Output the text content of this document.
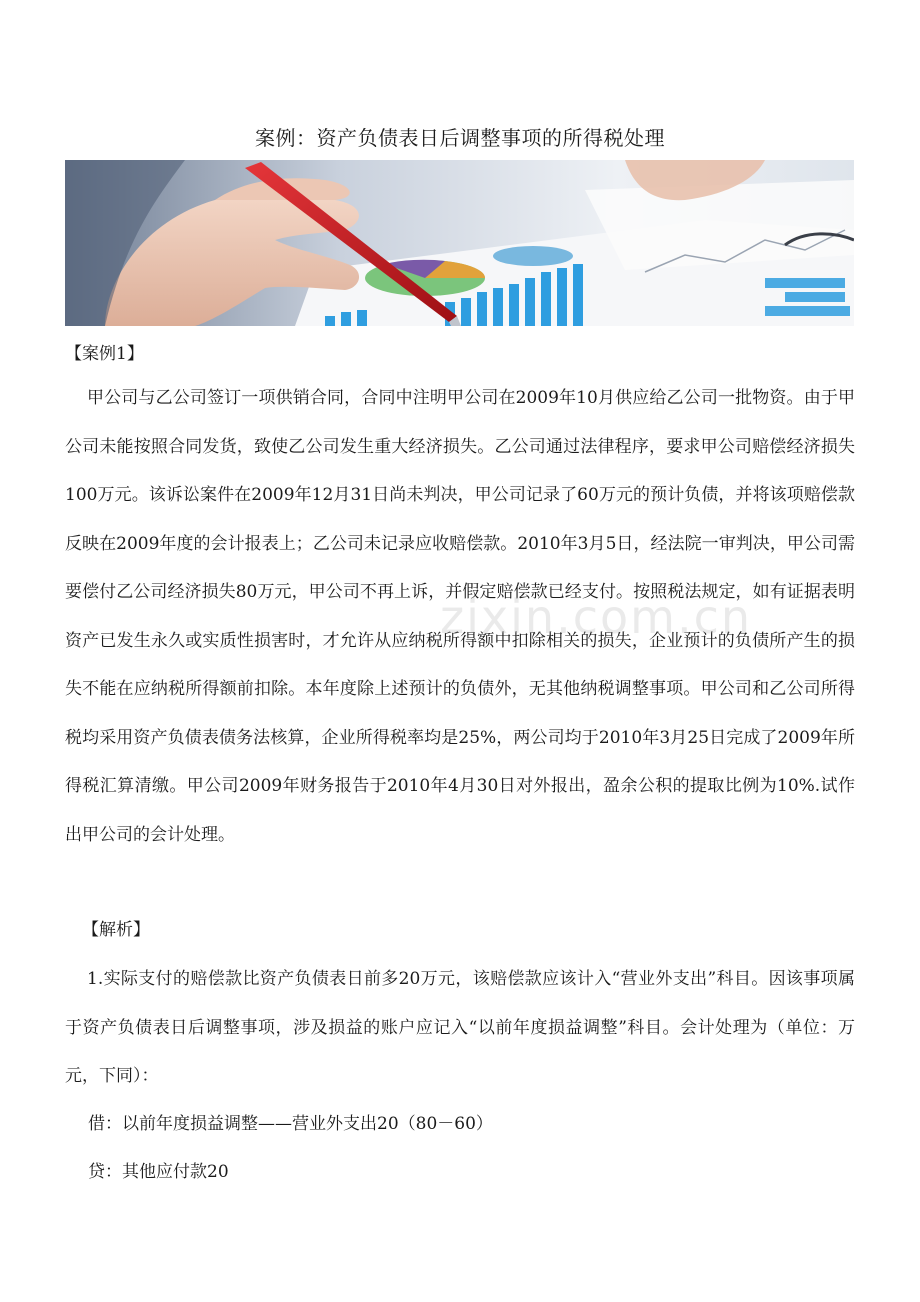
案例：资产负债表日后调整事项的所得税处理
【案例1】
甲公司与乙公司签订一项供销合同，合同中注明甲公司在2009年10月供应给乙公司一批物资。由于甲公司未能按照合同发货，致使乙公司发生重大经济损失。乙公司通过法律程序，要求甲公司赔偿经济损失100万元。该诉讼案件在2009年12月31日尚未判决，甲公司记录了60万元的预计负债，并将该项赔偿款反映在2009年度的会计报表上；乙公司未记录应收赔偿款。2010年3月5日，经法院一审判决，甲公司需要偿付乙公司经济损失80万元，甲公司不再上诉，并假定赔偿款已经支付。按照税法规定，如有证据表明资产已发生永久或实质性损害时，才允许从应纳税所得额中扣除相关的损失，企业预计的负债所产生的损失不能在应纳税所得额前扣除。本年度除上述预计的负债外，无其他纳税调整事项。甲公司和乙公司所得税均采用资产负债表债务法核算，企业所得税率均是25%，两公司均于2010年3月25日完成了2009年所得税汇算清缴。甲公司2009年财务报告于2010年4月30日对外报出，盈余公积的提取比例为10%.试作出甲公司的会计处理。
zixin.com.cn
【解析】
1.实际支付的赔偿款比资产负债表日前多20万元，该赔偿款应该计入“营业外支出”科目。因该事项属于资产负债表日后调整事项，涉及损益的账户应记入“以前年度损益调整”科目。会计处理为（单位：万元，下同）：
借：以前年度损益调整——营业外支出20（80－60）
贷：其他应付款20
